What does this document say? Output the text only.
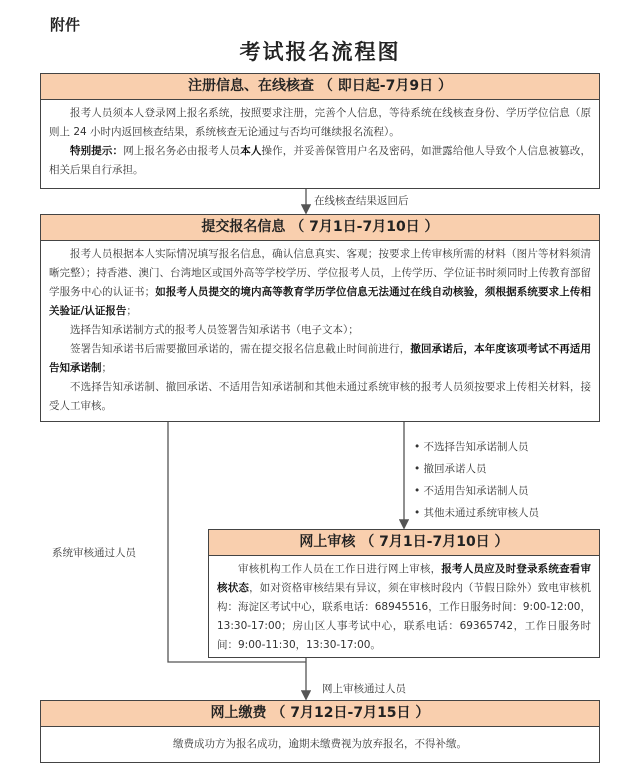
附件
考试报名流程图
注册信息、在线核查 （ 即日起-7月9日 ）

报考人员须本人登录网上报名系统，按照要求注册，完善个人信息，等待系统在线核查身份、学历学位信息（原则上 24 小时内返回核查结果，系统核查无论通过与否均可继续报名流程）。

特别提示：网上报名务必由报考人员本人操作，并妥善保管用户名及密码，如泄露给他人导致个人信息被篡改，相关后果自行承担。

在线核查结果返回后
提交报名信息 （ 7月1日-7月10日 ）

报考人员根据本人实际情况填写报名信息，确认信息真实、客观；按要求上传审核所需的材料（图片等材料须清晰完整）；持香港、澳门、台湾地区或国外高等学校学历、学位报考人员，上传学历、学位证书时须同时上传教育部留学服务中心的认证书；如报考人员提交的境内高等教育学历学位信息无法通过在线自动核验，须根据系统要求上传相关验证/认证报告；

选择告知承诺制方式的报考人员签署告知承诺书（电子文本）；

签署告知承诺书后需要撤回承诺的，需在提交报名信息截止时间前进行，撤回承诺后，本年度该项考试不再适用告知承诺制；

不选择告知承诺制、撤回承诺、不适用告知承诺制和其他未通过系统审核的报考人员须按要求上传相关材料，接受人工审核。

• 不选择告知承诺制人员
• 撤回承诺人员
• 不适用告知承诺制人员
• 其他未通过系统审核人员
系统审核通过人员
网上审核 （ 7月1日-7月10日 ）

审核机构工作人员在工作日进行网上审核，报考人员应及时登录系统查看审核状态，如对资格审核结果有异议，须在审核时段内（节假日除外）致电审核机构：海淀区考试中心，联系电话：68945516，工作日服务时间：9:00-12:00，13:30-17:00；房山区人事考试中心，联系电话：69365742，工作日服务时间：9:00-11:30，13:30-17:00。

网上审核通过人员
网上缴费 （ 7月12日-7月15日 ）

缴费成功方为报名成功，逾期未缴费视为放弃报名，不得补缴。
